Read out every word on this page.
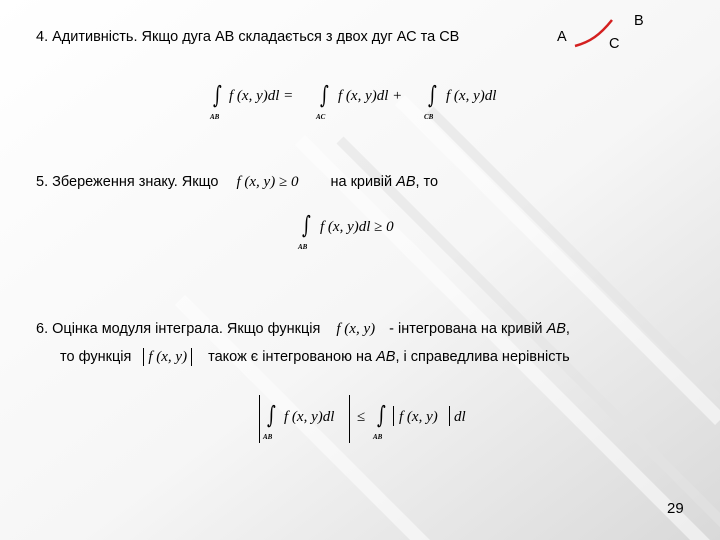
4. Адитивність. Якщо дуга АВ складається з двох дуг АС та СВ	A
B
C
∫
AB
f (x, y)dl = ∫
AC
f (x, y)dl + ∫
CB
f (x, y)dl
5. Збереження знаку. Якщо f (x, y) ≥ 0 на кривій AB, то
∫
AB
f (x, y)dl ≥ 0
6. Оцінка модуля інтеграла. Якщо функція f (x, y) - інтегрована на кривій AB,
то функція f (x, y) також є інтегрованою на AB, і справедлива нерівність
∫
AB
f (x, y)dl ≤ ∫
AB
f (x, y) dl
29
